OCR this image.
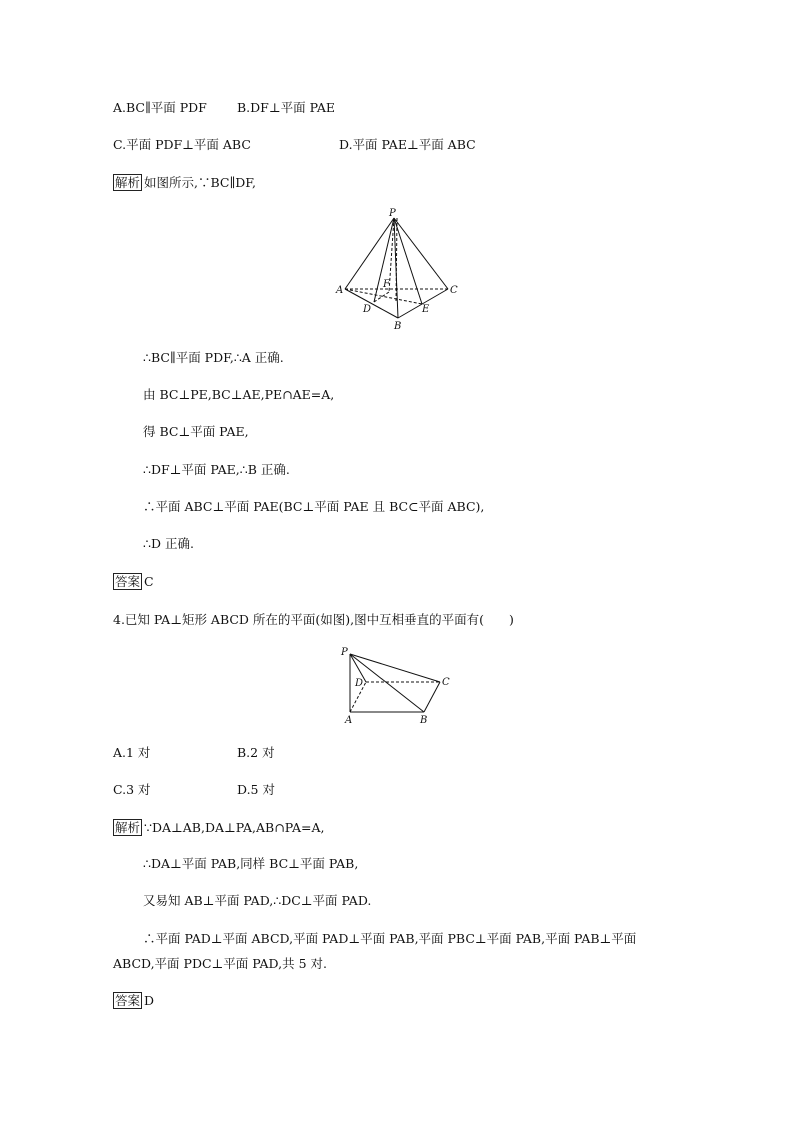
A.BC∥平面 PDF B.DF⊥平面 PAE
C.平面 PDF⊥平面 ABC	D.平面 PAE⊥平面 ABC
解析 如图所示,∵BC∥DF,
P
A	C
F
D	E
B
∴BC∥平面 PDF,∴A 正确.
由 BC⊥PE,BC⊥AE,PE∩AE=A,
得 BC⊥平面 PAE,
∴DF⊥平面 PAE,∴B 正确.
∴平面 ABC⊥平面 PAE(BC⊥平面 PAE 且 BC⊂平面 ABC),
∴D 正确.
答案 C
4.已知 PA⊥矩形 ABCD 所在的平面(如图),图中互相垂直的平面有(　　)
P
D	C
A	B
A.1 对	B.2 对
C.3 对	D.5 对
解析 ∵DA⊥AB,DA⊥PA,AB∩PA=A,
∴DA⊥平面 PAB,同样 BC⊥平面 PAB,
又易知 AB⊥平面 PAD,∴DC⊥平面 PAD.
∴平面 PAD⊥平面 ABCD,平面 PAD⊥平面 PAB,平面 PBC⊥平面 PAB,平面 PAB⊥平面
ABCD,平面 PDC⊥平面 PAD,共 5 对.
答案 D
